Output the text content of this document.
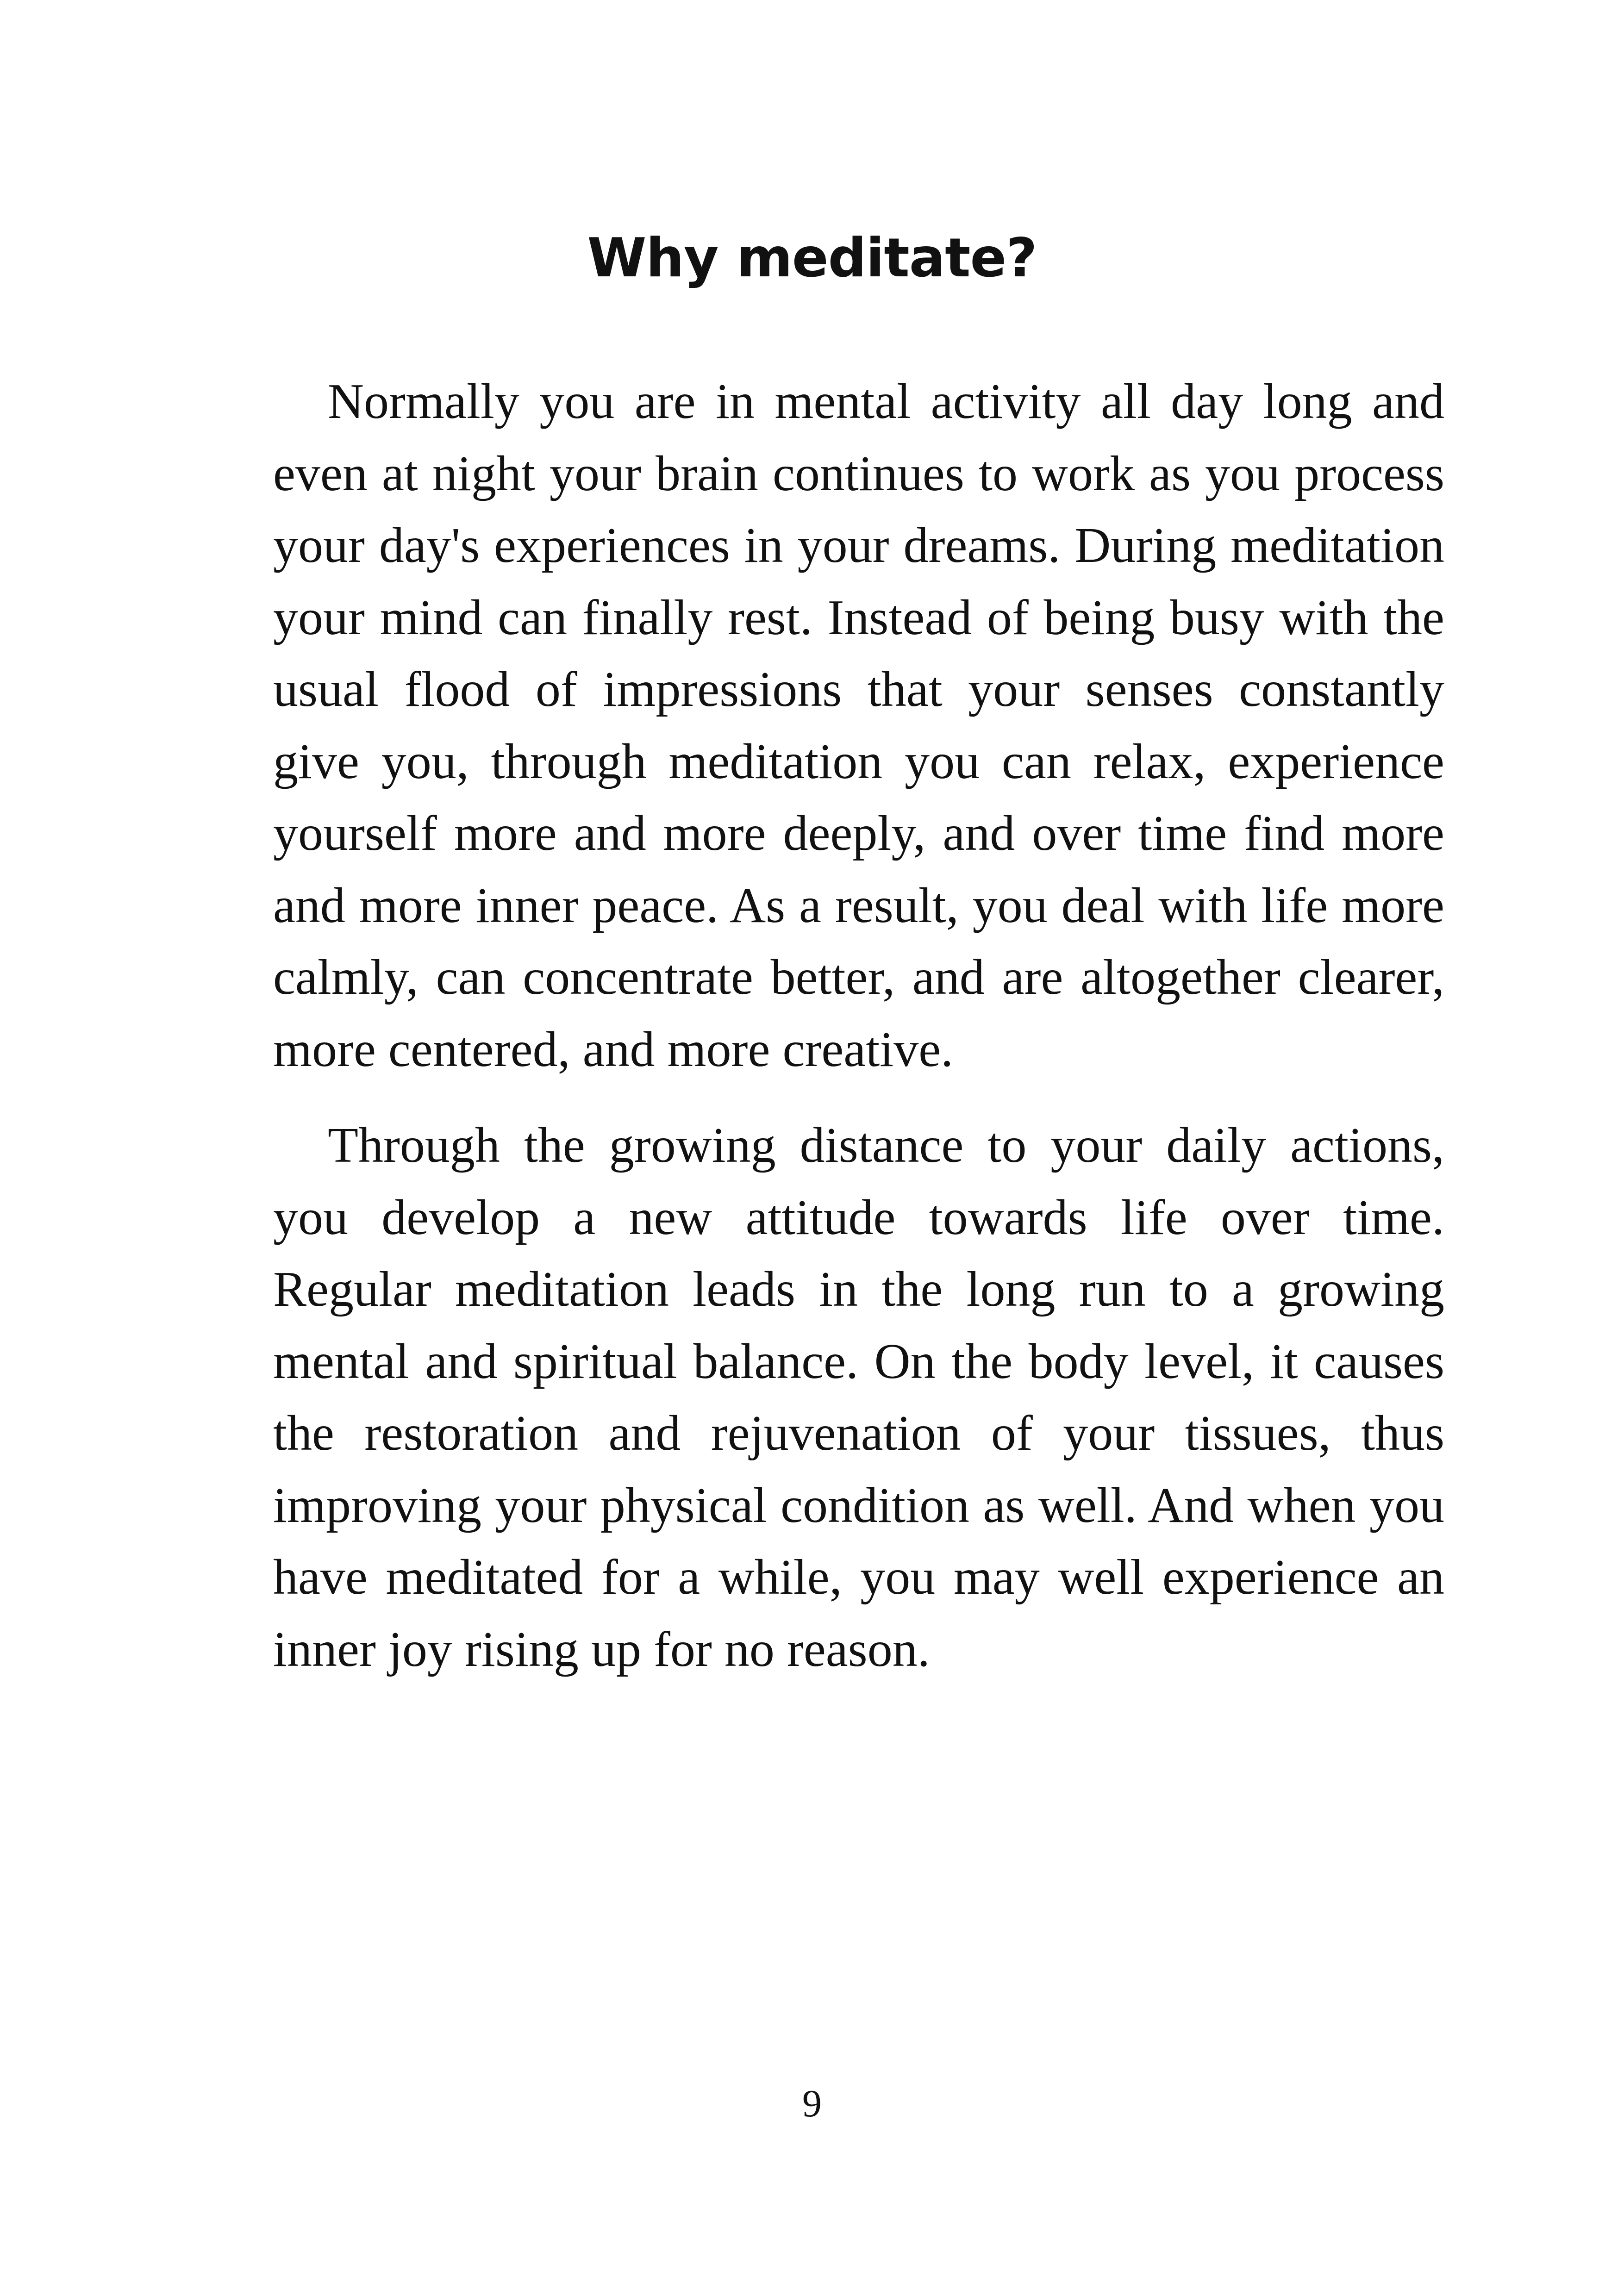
Why meditate?

Normally you are in mental activity all day long and even at night your brain continues to work as you process your day's experiences in your dreams. During meditation your mind can finally rest. Instead of being busy with the usual flood of impressions that your senses constantly give you, through meditation you can relax, experience yourself more and more deeply, and over time find more and more inner peace. As a result, you deal with life more calmly, can concentrate better, and are altogether clearer, more centered, and more creative.

Through the growing distance to your daily actions, you develop a new attitude towards life over time. Regular meditation leads in the long run to a growing mental and spiritual balance. On the body level, it causes the restoration and rejuvenation of your tissues, thus improving your physical condition as well. And when you have meditated for a while, you may well experience an inner joy rising up for no reason.

9
